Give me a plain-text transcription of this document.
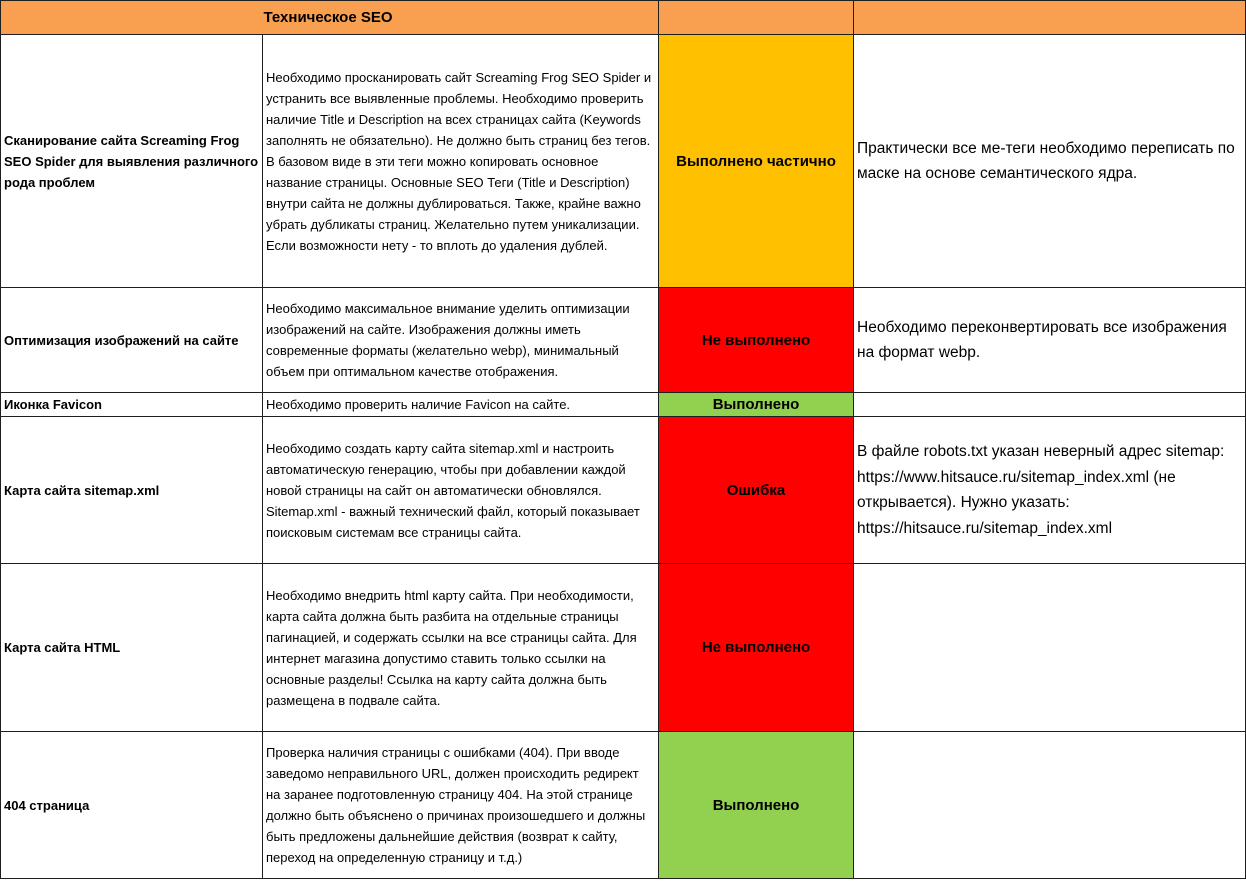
Техническое SEO			
Сканирование сайта Screaming Frog SEO Spider для выявления различного рода проблем	Необходимо просканировать сайт Screaming Frog SEO Spider и устранить все выявленные проблемы. Необходимо проверить наличие Title и Description на всех страницах сайта (Keywords заполнять не обязательно). Не должно быть страниц без тегов. В базовом виде в эти теги можно копировать основное название страницы. Основные SEO Теги (Title и Description) внутри сайта не должны дублироваться. Также, крайне важно убрать дубликаты страниц. Желательно путем уникализации. Если возможности нету - то вплоть до удаления дублей.	Выполнено частично	Практически все ме-теги необходимо переписать по маске на основе семантического ядра.
Оптимизация изображений на сайте	Необходимо максимальное внимание уделить оптимизации изображений на сайте. Изображения должны иметь современные форматы (желательно webp), минимальный объем при оптимальном качестве отображения.	Не выполнено	Необходимо переконвертировать все изображения на формат webp.
Иконка Favicon	Необходимо проверить наличие Favicon на сайте.	Выполнено	
Карта сайта sitemap.xml	Необходимо создать карту сайта sitemap.xml и настроить автоматическую генерацию, чтобы при добавлении каждой новой страницы на сайт он автоматически обновлялся. Sitemap.xml - важный технический файл, который показывает поисковым системам все страницы сайта.	Ошибка	В файле robots.txt указан неверный адрес sitemap: https://www.hitsauce.ru/sitemap_index.xml (не открывается). Нужно указать: https://hitsauce.ru/sitemap_index.xml
Карта сайта HTML	Необходимо внедрить html карту сайта. При необходимости, карта сайта должна быть разбита на отдельные страницы пагинацией, и содержать ссылки на все страницы сайта. Для интернет магазина допустимо ставить только ссылки на основные разделы! Ссылка на карту сайта должна быть размещена в подвале сайта.	Не выполнено	
404 страница	Проверка наличия страницы с ошибками (404). При вводе заведомо неправильного URL, должен происходить редирект на заранее подготовленную страницу 404. На этой странице должно быть объяснено о причинах произошедшего и должны быть предложены дальнейшие действия (возврат к сайту, переход на определенную страницу и т.д.)	Выполнено	
